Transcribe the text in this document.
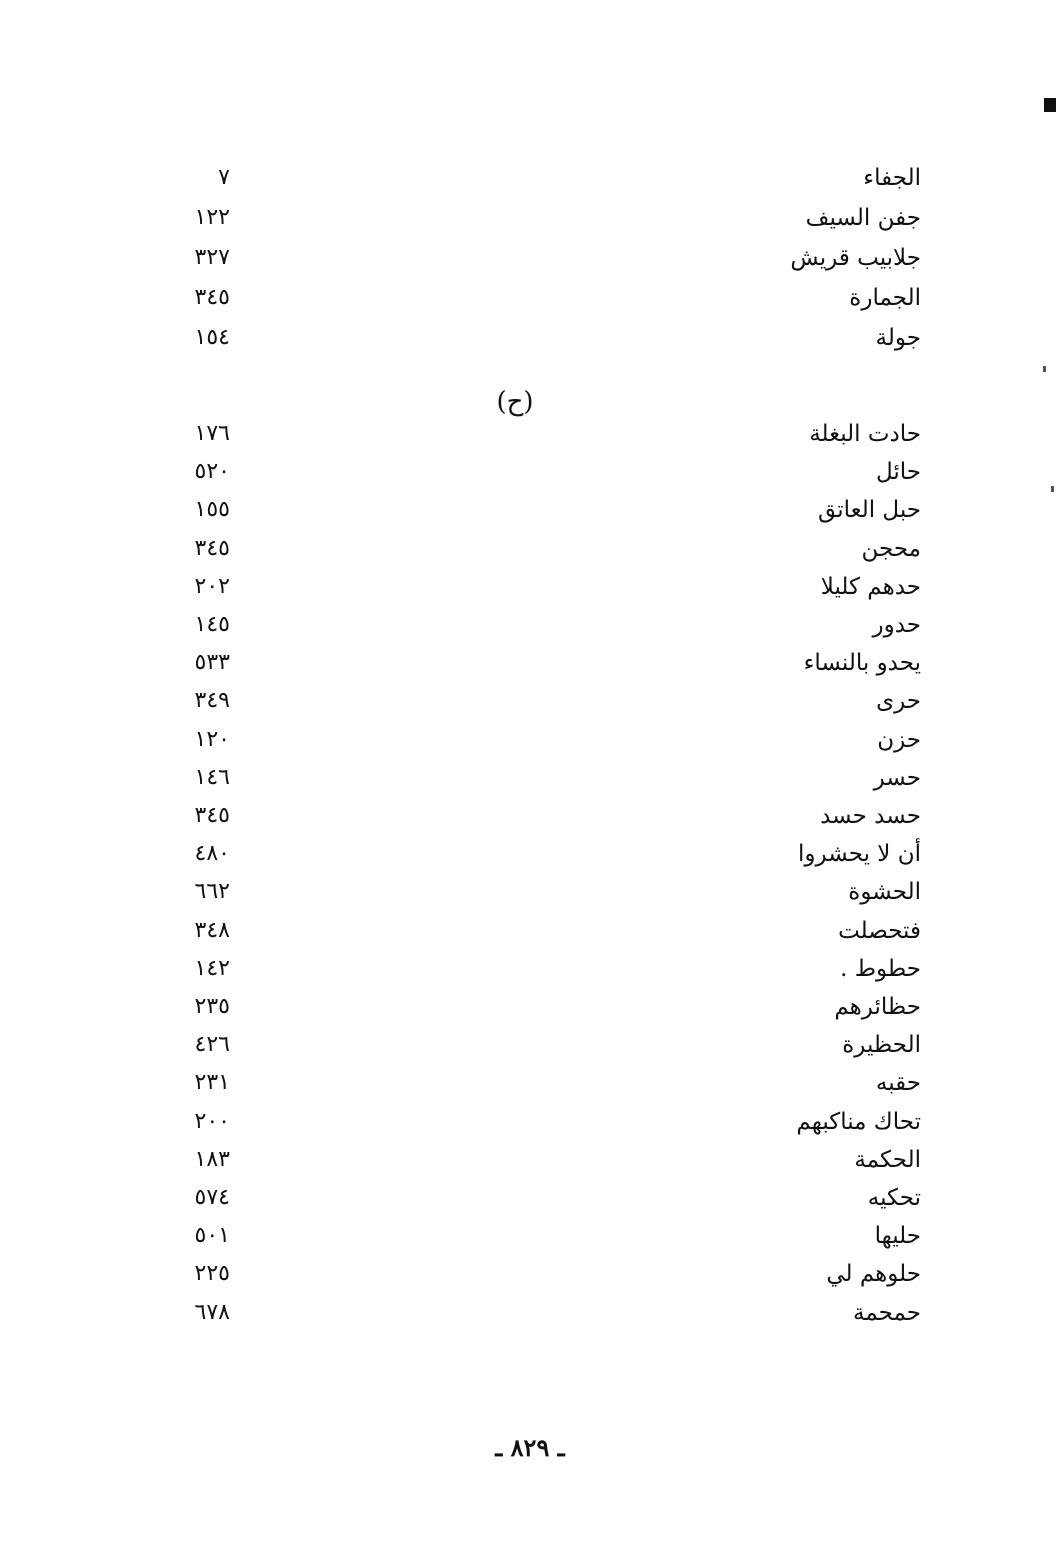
الجفاء
٧
جفن السيف
١٢٢
جلابيب قريش
٣٢٧
الجمارة
٣٤٥
جولة
١٥٤
(ح)
حادت البغلة
١٧٦
حائل
٥٢٠
حبل العاتق
١٥٥
محجن
٣٤٥
حدهم كليلا
٢٠٢
حدور
١٤٥
يحدو بالنساء
٥٣٣
حرى
٣٤٩
حزن
١٢٠
حسر
١٤٦
حسد حسد
٣٤٥
أن لا يحشروا
٤٨٠
الحشوة
٦٦٢
فتحصلت
٣٤٨
حطوط .
١٤٢
حظائرهم
٢٣٥
الحظيرة
٤٢٦
حقبه
٢٣١
تحاك مناكبهم
٢٠٠
الحكمة
١٨٣
تحكيه
٥٧٤
حليها
٥٠١
حلوهم لي
٢٢٥
حمحمة
٦٧٨
ـ ٨٢٩ ـ
